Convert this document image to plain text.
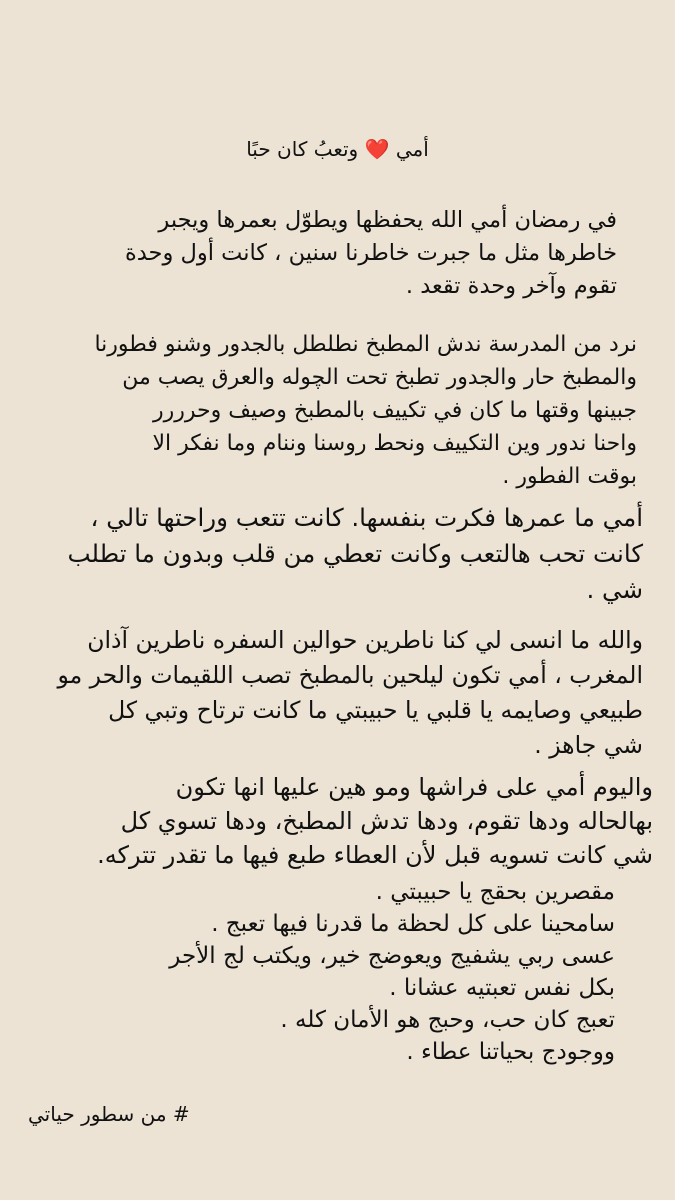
أمي ❤️ وتعبُ كان حبًا
في رمضان أمي الله يحفظها ويطوّل بعمرها ويجبر
خاطرها مثل ما جبرت خاطرنا سنين ، كانت أول وحدة
تقوم وآخر وحدة تقعد .
نرد من المدرسة ندش المطبخ نطلطل بالجدور وشنو فطورنا
والمطبخ حار والجدور تطبخ تحت الچوله والعرق يصب من
جبينها وقتها ما كان في تكييف بالمطبخ وصيف وحرررر
واحنا ندور وين التكييف ونحط روسنا وننام وما نفكر الا
بوقت الفطور .
أمي ما عمرها فكرت بنفسها. كانت تتعب وراحتها تالي ،
كانت تحب هالتعب وكانت تعطي من قلب وبدون ما تطلب
شي .
والله ما انسى لي كنا ناطرين حوالين السفره ناطرين آذان
المغرب ، أمي تكون ليلحين بالمطبخ تصب اللقيمات والحر مو
طبيعي وصايمه يا قلبي يا حبيبتي ما كانت ترتاح وتبي كل
شي جاهز .
واليوم أمي على فراشها ومو هين عليها انها تكون
بهالحاله ودها تقوم، ودها تدش المطبخ، ودها تسوي كل
شي كانت تسويه قبل لأن العطاء طبع فيها ما تقدر تتركه.
مقصرين بحقج يا حبيبتي .
سامحينا على كل لحظة ما قدرنا فيها تعبج .
عسى ربي يشفيج ويعوضج خير، ويكتب لج الأجر
بكل نفس تعبتيه عشانا .
تعبج كان حب، وحبج هو الأمان كله .
ووجودج بحياتنا عطاء .
# من سطور حياتي
